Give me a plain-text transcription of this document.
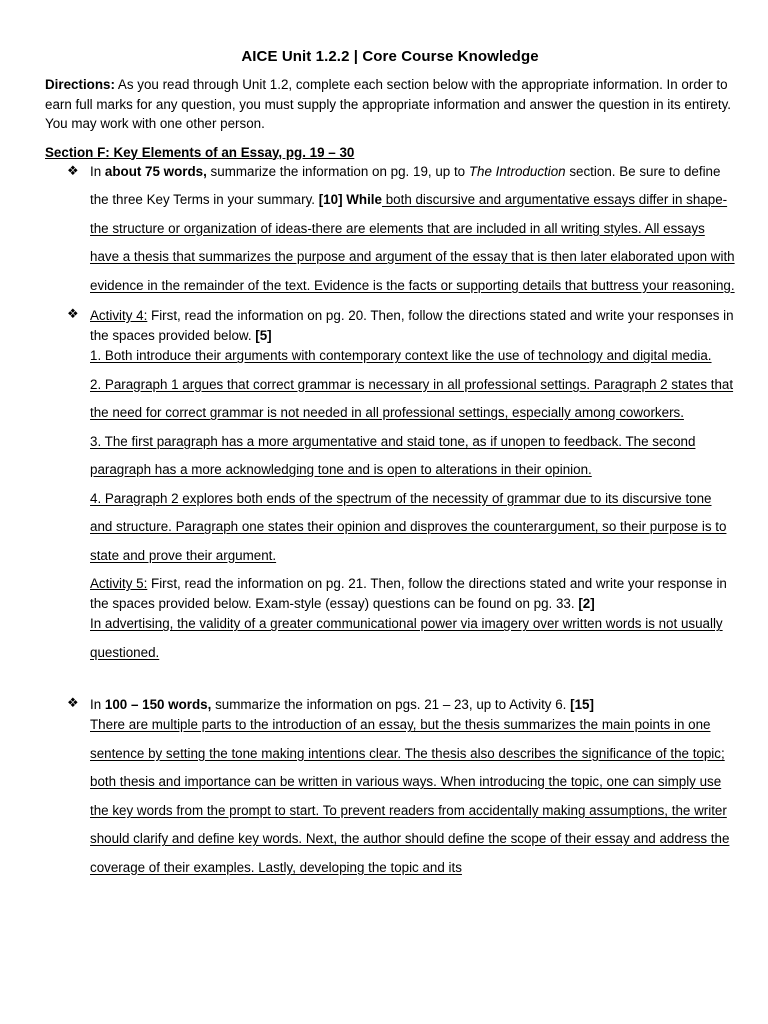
AICE Unit 1.2.2 | Core Course Knowledge

Directions: As you read through Unit 1.2, complete each section below with the appropriate information. In order to earn full marks for any question, you must supply the appropriate information and answer the question in its entirety. You may work with one other person.

Section F: Key Elements of an Essay, pg. 19 – 30

❖ In about 75 words, summarize the information on pg. 19, up to The Introduction section. Be sure to define the three Key Terms in your summary. [10] While both discursive and argumentative essays differ in shape-the structure or organization of ideas-there are elements that are included in all writing styles. All essays have a thesis that summarizes the purpose and argument of the essay that is then later elaborated upon with evidence in the remainder of the text. Evidence is the facts or supporting details that buttress your reasoning.

❖ Activity 4: First, read the information on pg. 20. Then, follow the directions stated and write your responses in the spaces provided below. [5]

1. Both introduce their arguments with contemporary context like the use of technology and digital media.

2. Paragraph 1 argues that correct grammar is necessary in all professional settings. Paragraph 2 states that the need for correct grammar is not needed in all professional settings, especially among coworkers.

3. The first paragraph has a more argumentative and staid tone, as if unopen to feedback. The second paragraph has a more acknowledging tone and is open to alterations in their opinion.

4. Paragraph 2 explores both ends of the spectrum of the necessity of grammar due to its discursive tone and structure. Paragraph one states their opinion and disproves the counterargument, so their purpose is to state and prove their argument.

Activity 5: First, read the information on pg. 21. Then, follow the directions stated and write your response in the spaces provided below. Exam-style (essay) questions can be found on pg. 33. [2]

In advertising, the validity of a greater communicational power via imagery over written words is not usually questioned.

❖ In 100 – 150 words, summarize the information on pgs. 21 – 23, up to Activity 6. [15]

There are multiple parts to the introduction of an essay, but the thesis summarizes the main points in one sentence by setting the tone making intentions clear. The thesis also describes the significance of the topic; both thesis and importance can be written in various ways. When introducing the topic, one can simply use the key words from the prompt to start. To prevent readers from accidentally making assumptions, the writer should clarify and define key words. Next, the author should define the scope of their essay and address the coverage of their examples. Lastly, developing the topic and its
